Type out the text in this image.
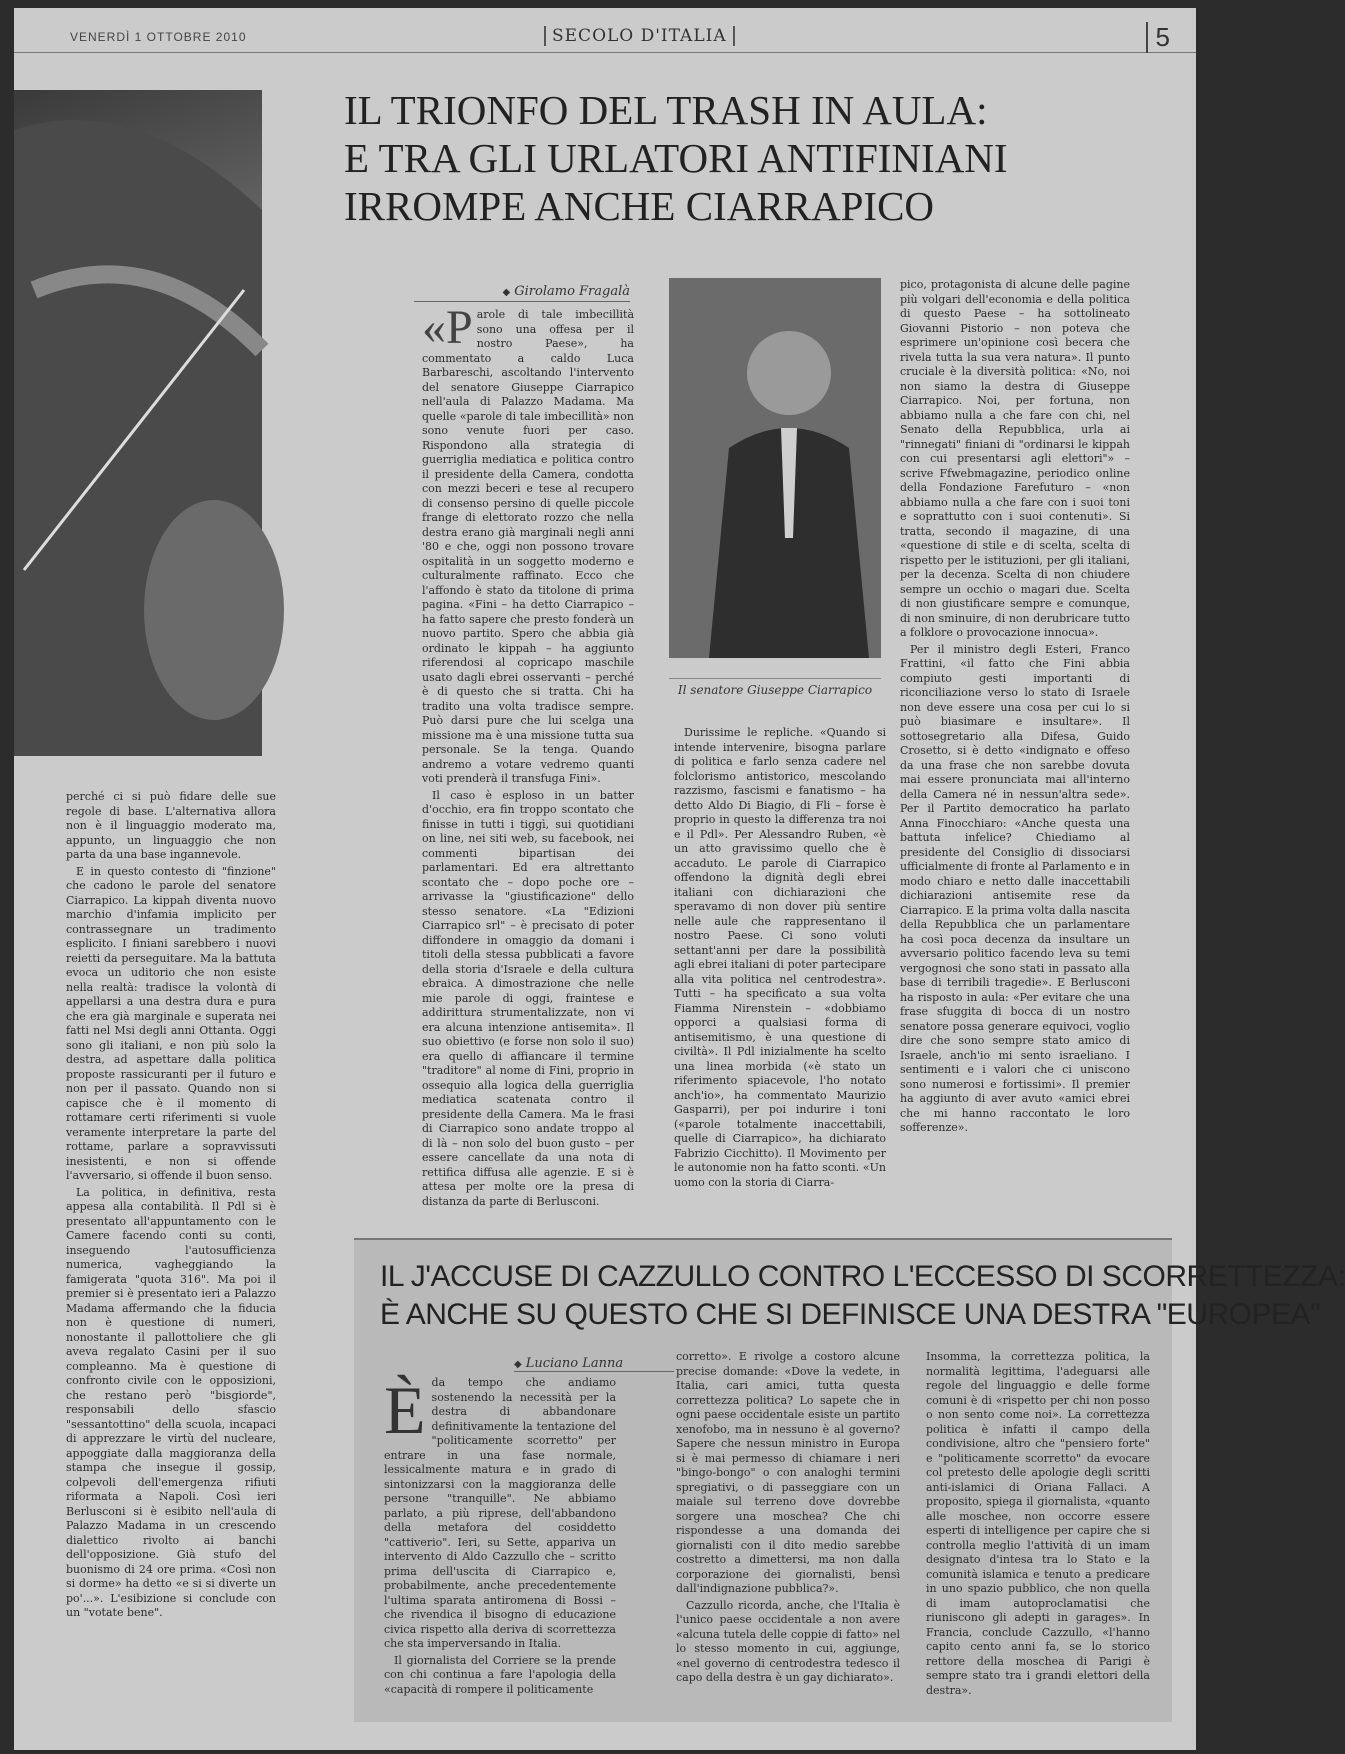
VENERDÌ 1 OTTOBRE 2010	SECOLO D'ITALIA	5
IL TRIONFO DEL TRASH IN AULA:
E TRA GLI URLATORI ANTIFINIANI
IRROMPE ANCHE CIARRAPICO
◆ Girolamo Fragalà

perché ci si può fidare delle sue regole di base. L'alternativa allora non è il linguaggio moderato ma, appunto, un linguaggio che non parta da una base ingannevole.

E in questo contesto di "finzione" che cadono le parole del senatore Ciarrapico. La kippah diventa nuovo marchio d'infamia implicito per contrassegnare un tradimento esplicito. I finiani sarebbero i nuovi reietti da perseguitare. Ma la battuta evoca un uditorio che non esiste nella realtà: tradisce la volontà di appellarsi a una destra dura e pura che era già marginale e superata nei fatti nel Msi degli anni Ottanta. Oggi sono gli italiani, e non più solo la destra, ad aspettare dalla politica proposte rassicuranti per il futuro e non per il passato. Quando non si capisce che è il momento di rottamare certi riferimenti si vuole veramente interpretare la parte del rottame, parlare a sopravvissuti inesistenti, e non si offende l'avversario, si offende il buon senso.

La politica, in definitiva, resta appesa alla contabilità. Il Pdl si è presentato all'appuntamento con le Camere facendo conti su conti, inseguendo l'autosufficienza numerica, vagheggiando la famigerata "quota 316". Ma poi il premier si è presentato ieri a Palazzo Madama affermando che la fiducia non è questione di numeri, nonostante il pallottoliere che gli aveva regalato Casini per il suo compleanno. Ma è questione di confronto civile con le opposizioni, che restano però "bisgiorde", responsabili dello sfascio "sessantottino" della scuola, incapaci di apprezzare le virtù del nucleare, appoggiate dalla maggioranza della stampa che insegue il gossip, colpevoli dell'emergenza rifiuti riformata a Napoli. Così ieri Berlusconi si è esibito nell'aula di Palazzo Madama in un crescendo dialettico rivolto ai banchi dell'opposizione. Già stufo del buonismo di 24 ore prima. «Così non si dorme» ha detto «e si si diverte un po'...». L'esibizione si conclude con un "votate bene".

«Parole di tale imbecillità sono una offesa per il nostro Paese», ha commentato a caldo Luca Barbareschi, ascoltando l'intervento del senatore Giuseppe Ciarrapico nell'aula di Palazzo Madama. Ma quelle «parole di tale imbecillità» non sono venute fuori per caso. Rispondono alla strategia di guerriglia mediatica e politica contro il presidente della Camera, condotta con mezzi beceri e tese al recupero di consenso persino di quelle piccole frange di elettorato rozzo che nella destra erano già marginali negli anni '80 e che, oggi non possono trovare ospitalità in un soggetto moderno e culturalmente raffinato. Ecco che l'affondo è stato da titolone di prima pagina. «Fini – ha detto Ciarrapico – ha fatto sapere che presto fonderà un nuovo partito. Spero che abbia già ordinato le kippah – ha aggiunto riferendosi al copricapo maschile usato dagli ebrei osservanti – perché è di questo che si tratta. Chi ha tradito una volta tradisce sempre. Può darsi pure che lui scelga una missione ma è una missione tutta sua personale. Se la tenga. Quando andremo a votare vedremo quanti voti prenderà il transfuga Fini».

Il caso è esploso in un batter d'occhio, era fin troppo scontato che finisse in tutti i tiggì, sui quotidiani on line, nei siti web, su facebook, nei commenti bipartisan dei parlamentari. Ed era altrettanto scontato che – dopo poche ore – arrivasse la "giustificazione" dello stesso senatore. «La "Edizioni Ciarrapico srl" – è precisato di poter diffondere in omaggio da domani i titoli della stessa pubblicati a favore della storia d'Israele e della cultura ebraica. A dimostrazione che nelle mie parole di oggi, fraintese e addirittura strumentalizzate, non vi era alcuna intenzione antisemita». Il suo obiettivo (e forse non solo il suo) era quello di affiancare il termine "traditore" al nome di Fini, proprio in ossequio alla logica della guerriglia mediatica scatenata contro il presidente della Camera. Ma le frasi di Ciarrapico sono andate troppo al di là – non solo del buon gusto – per essere cancellate da una nota di rettifica diffusa alle agenzie. E si è attesa per molte ore la presa di distanza da parte di Berlusconi.

Il senatore Giuseppe Ciarrapico

Durissime le repliche. «Quando si intende intervenire, bisogna parlare di politica e farlo senza cadere nel folclorismo antistorico, mescolando razzismo, fascismi e fanatismo – ha detto Aldo Di Biagio, di Fli – forse è proprio in questo la differenza tra noi e il Pdl». Per Alessandro Ruben, «è un atto gravissimo quello che è accaduto. Le parole di Ciarrapico offendono la dignità degli ebrei italiani con dichiarazioni che speravamo di non dover più sentire nelle aule che rappresentano il nostro Paese. Ci sono voluti settant'anni per dare la possibilità agli ebrei italiani di poter partecipare alla vita politica nel centrodestra». Tutti – ha specificato a sua volta Fiamma Nirenstein – «dobbiamo opporci a qualsiasi forma di antisemitismo, è una questione di civiltà». Il Pdl inizialmente ha scelto una linea morbida («è stato un riferimento spiacevole, l'ho notato anch'io», ha commentato Maurizio Gasparri), per poi indurire i toni («parole totalmente inaccettabili, quelle di Ciarrapico», ha dichiarato Fabrizio Cicchitto). Il Movimento per le autonomie non ha fatto sconti. «Un uomo con la storia di Ciarra-

pico, protagonista di alcune delle pagine più volgari dell'economia e della politica di questo Paese – ha sottolineato Giovanni Pistorio – non poteva che esprimere un'opinione così becera che rivela tutta la sua vera natura». Il punto cruciale è la diversità politica: «No, noi non siamo la destra di Giuseppe Ciarrapico. Noi, per fortuna, non abbiamo nulla a che fare con chi, nel Senato della Repubblica, urla ai "rinnegati" finiani di "ordinarsi le kippah con cui presentarsi agli elettori"» – scrive Ffwebmagazine, periodico online della Fondazione Farefuturo – «non abbiamo nulla a che fare con i suoi toni e soprattutto con i suoi contenuti». Si tratta, secondo il magazine, di una «questione di stile e di scelta, scelta di rispetto per le istituzioni, per gli italiani, per la decenza. Scelta di non chiudere sempre un occhio o magari due. Scelta di non giustificare sempre e comunque, di non sminuire, di non derubricare tutto a folklore o provocazione innocua».

Per il ministro degli Esteri, Franco Frattini, «il fatto che Fini abbia compiuto gesti importanti di riconciliazione verso lo stato di Israele non deve essere una cosa per cui lo si può biasimare e insultare». Il sottosegretario alla Difesa, Guido Crosetto, si è detto «indignato e offeso da una frase che non sarebbe dovuta mai essere pronunciata mai all'interno della Camera né in nessun'altra sede». Per il Partito democratico ha parlato Anna Finocchiaro: «Anche questa una battuta infelice? Chiediamo al presidente del Consiglio di dissociarsi ufficialmente di fronte al Parlamento e in modo chiaro e netto dalle inaccettabili dichiarazioni antisemite rese da Ciarrapico. E la prima volta dalla nascita della Repubblica che un parlamentare ha così poca decenza da insultare un avversario politico facendo leva su temi vergognosi che sono stati in passato alla base di terribili tragedie». E Berlusconi ha risposto in aula: «Per evitare che una frase sfuggita di bocca di un nostro senatore possa generare equivoci, voglio dire che sono sempre stato amico di Israele, anch'io mi sento israeliano. I sentimenti e i valori che ci uniscono sono numerosi e fortissimi». Il premier ha aggiunto di aver avuto «amici ebrei che mi hanno raccontato le loro sofferenze».

IL J'ACCUSE DI CAZZULLO CONTRO L'ECCESSO DI SCORRETTEZZA:
È ANCHE SU QUESTO CHE SI DEFINISCE UNA DESTRA "EUROPEA"
◆ Luciano Lanna

Èda tempo che andiamo sostenendo la necessità per la destra di abbandonare definitivamente la tentazione del "politicamente scorretto" per entrare in una fase normale, lessicalmente matura e in grado di sintonizzarsi con la maggioranza delle persone "tranquille". Ne abbiamo parlato, a più riprese, dell'abbandono della metafora del cosiddetto "cattiverio". Ieri, su Sette, appariva un intervento di Aldo Cazzullo che – scritto prima dell'uscita di Ciarrapico e, probabilmente, anche precedentemente l'ultima sparata antiromena di Bossi – che rivendica il bisogno di educazione civica rispetto alla deriva di scorrettezza che sta imperversando in Italia.

Il giornalista del Corriere se la prende con chi continua a fare l'apologia della «capacità di rompere il politicamente

corretto». E rivolge a costoro alcune precise domande: «Dove la vedete, in Italia, cari amici, tutta questa correttezza politica? Lo sapete che in ogni paese occidentale esiste un partito xenofobo, ma in nessuno è al governo? Sapere che nessun ministro in Europa si è mai permesso di chiamare i neri "bingo-bongo" o con analoghi termini spregiativi, o di passeggiare con un maiale sul terreno dove dovrebbe sorgere una moschea? Che chi rispondesse a una domanda dei giornalisti con il dito medio sarebbe costretto a dimettersi, ma non dalla corporazione dei giornalisti, bensì dall'indignazione pubblica?».

Cazzullo ricorda, anche, che l'Italia è l'unico paese occidentale a non avere «alcuna tutela delle coppie di fatto» nel lo stesso momento in cui, aggiunge, «nel governo di centrodestra tedesco il capo della destra è un gay dichiarato».

Insomma, la correttezza politica, la normalità legittima, l'adeguarsi alle regole del linguaggio e delle forme comuni è di «rispetto per chi non posso o non sento come noi». La correttezza politica è infatti il campo della condivisione, altro che "pensiero forte" e "politicamente scorretto" da evocare col pretesto delle apologie degli scritti anti-islamici di Oriana Fallaci. A proposito, spiega il giornalista, «quanto alle moschee, non occorre essere esperti di intelligence per capire che si controlla meglio l'attività di un imam designato d'intesa tra lo Stato e la comunità islamica e tenuto a predicare in uno spazio pubblico, che non quella di imam autoproclamatisi che riuniscono gli adepti in garages». In Francia, conclude Cazzullo, «l'hanno capito cento anni fa, se lo storico rettore della moschea di Parigi è sempre stato tra i grandi elettori della destra».
